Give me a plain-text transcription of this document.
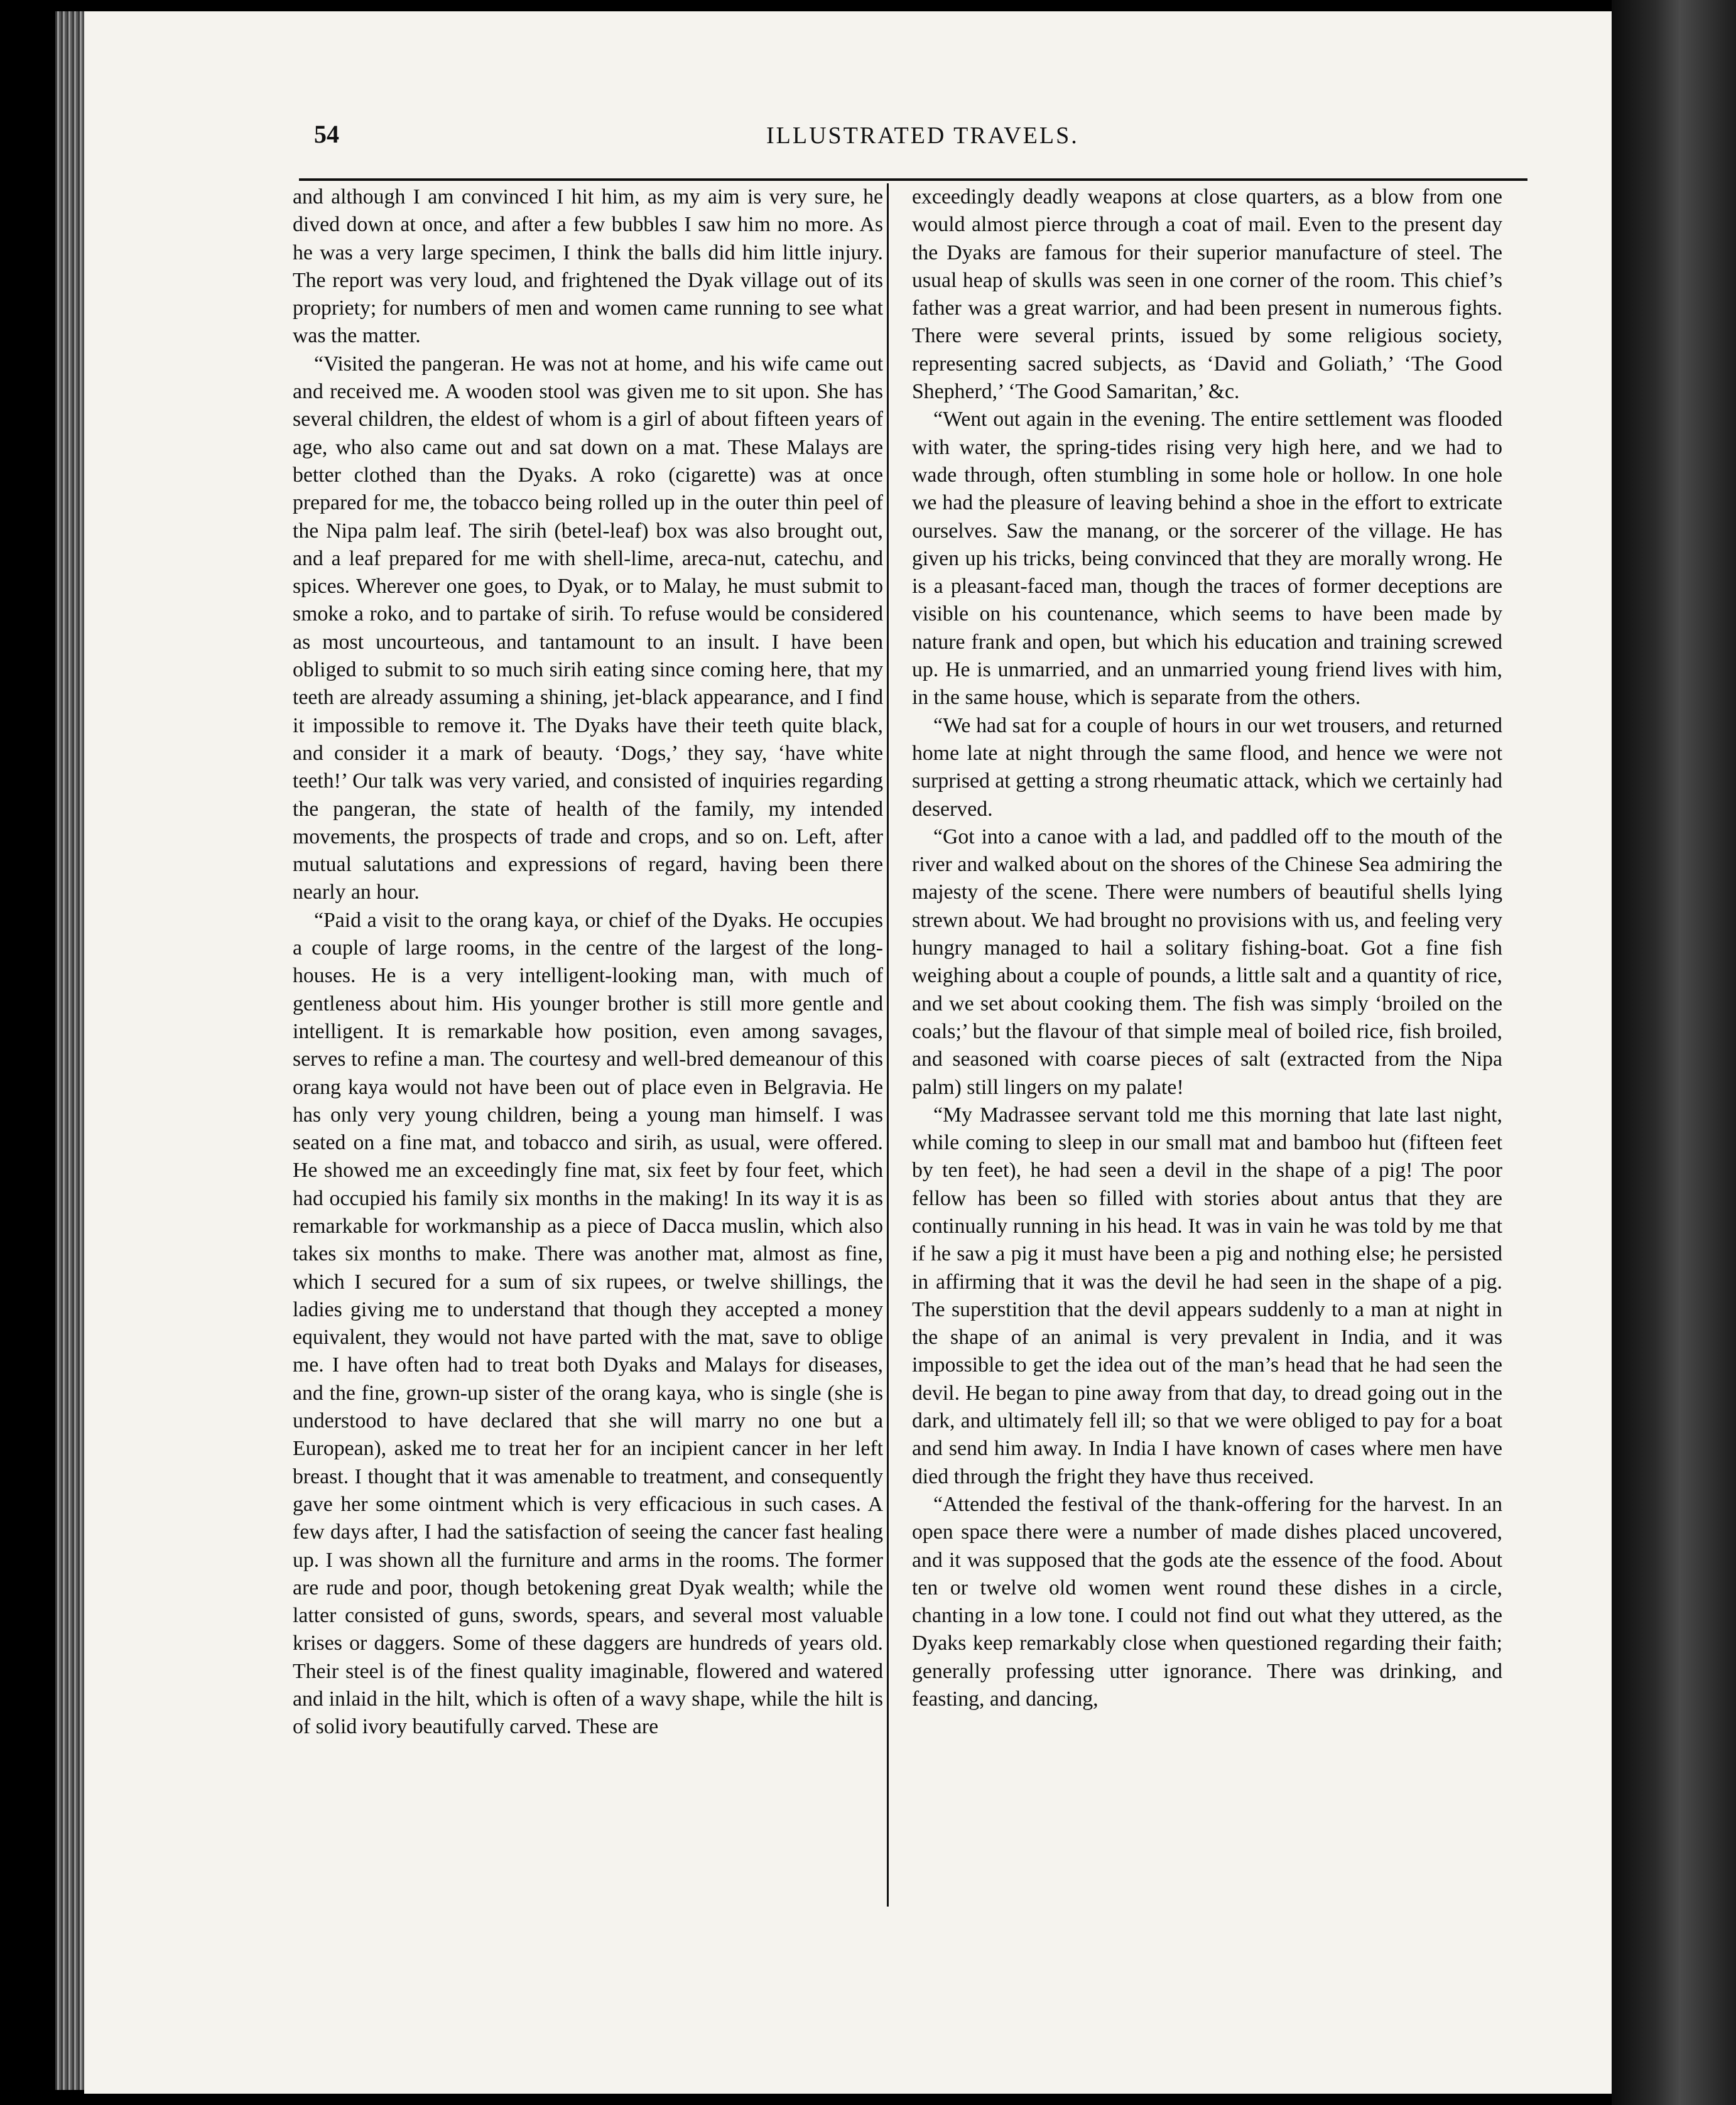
54	ILLUSTRATED TRAVELS.

and although I am convinced I hit him, as my aim is very sure, he dived down at once, and after a few bubbles I saw him no more. As he was a very large specimen, I think the balls did him little injury. The report was very loud, and frightened the Dyak village out of its propriety; for numbers of men and women came running to see what was the matter.

“Visited the pangeran. He was not at home, and his wife came out and received me. A wooden stool was given me to sit upon. She has several children, the eldest of whom is a girl of about fifteen years of age, who also came out and sat down on a mat. These Malays are better clothed than the Dyaks. A roko (cigarette) was at once prepared for me, the tobacco being rolled up in the outer thin peel of the Nipa palm leaf. The sirih (betel-leaf) box was also brought out, and a leaf prepared for me with shell-lime, areca-nut, catechu, and spices. Wherever one goes, to Dyak, or to Malay, he must submit to smoke a roko, and to partake of sirih. To refuse would be considered as most uncourteous, and tantamount to an insult. I have been obliged to submit to so much sirih eating since coming here, that my teeth are already assuming a shining, jet-black appearance, and I find it impossible to remove it. The Dyaks have their teeth quite black, and consider it a mark of beauty. ‘Dogs,’ they say, ‘have white teeth!’ Our talk was very varied, and consisted of inquiries regarding the pangeran, the state of health of the family, my intended movements, the prospects of trade and crops, and so on. Left, after mutual salutations and expressions of regard, having been there nearly an hour.

“Paid a visit to the orang kaya, or chief of the Dyaks. He occupies a couple of large rooms, in the centre of the largest of the long-houses. He is a very intelligent-looking man, with much of gentleness about him. His younger brother is still more gentle and intelligent. It is remarkable how position, even among savages, serves to refine a man. The courtesy and well-bred demeanour of this orang kaya would not have been out of place even in Belgravia. He has only very young children, being a young man himself. I was seated on a fine mat, and tobacco and sirih, as usual, were offered. He showed me an exceedingly fine mat, six feet by four feet, which had occupied his family six months in the making! In its way it is as remarkable for workmanship as a piece of Dacca muslin, which also takes six months to make. There was another mat, almost as fine, which I secured for a sum of six rupees, or twelve shillings, the ladies giving me to understand that though they accepted a money equivalent, they would not have parted with the mat, save to oblige me. I have often had to treat both Dyaks and Malays for diseases, and the fine, grown-up sister of the orang kaya, who is single (she is understood to have declared that she will marry no one but a European), asked me to treat her for an incipient cancer in her left breast. I thought that it was amenable to treatment, and consequently gave her some ointment which is very efficacious in such cases. A few days after, I had the satisfaction of seeing the cancer fast healing up. I was shown all the furniture and arms in the rooms. The former are rude and poor, though betokening great Dyak wealth; while the latter consisted of guns, swords, spears, and several most valuable krises or daggers. Some of these daggers are hundreds of years old. Their steel is of the finest quality imaginable, flowered and watered and inlaid in the hilt, which is often of a wavy shape, while the hilt is of solid ivory beautifully carved. These are

exceedingly deadly weapons at close quarters, as a blow from one would almost pierce through a coat of mail. Even to the present day the Dyaks are famous for their superior manufacture of steel. The usual heap of skulls was seen in one corner of the room. This chief’s father was a great warrior, and had been present in numerous fights. There were several prints, issued by some religious society, representing sacred subjects, as ‘David and Goliath,’ ‘The Good Shepherd,’ ‘The Good Samaritan,’ &c.

“Went out again in the evening. The entire settlement was flooded with water, the spring-tides rising very high here, and we had to wade through, often stumbling in some hole or hollow. In one hole we had the pleasure of leaving behind a shoe in the effort to extricate ourselves. Saw the manang, or the sorcerer of the village. He has given up his tricks, being convinced that they are morally wrong. He is a pleasant-faced man, though the traces of former deceptions are visible on his countenance, which seems to have been made by nature frank and open, but which his education and training screwed up. He is unmarried, and an unmarried young friend lives with him, in the same house, which is separate from the others.

“We had sat for a couple of hours in our wet trousers, and returned home late at night through the same flood, and hence we were not surprised at getting a strong rheumatic attack, which we certainly had deserved.

“Got into a canoe with a lad, and paddled off to the mouth of the river and walked about on the shores of the Chinese Sea admiring the majesty of the scene. There were numbers of beautiful shells lying strewn about. We had brought no provisions with us, and feeling very hungry managed to hail a solitary fishing-boat. Got a fine fish weighing about a couple of pounds, a little salt and a quantity of rice, and we set about cooking them. The fish was simply ‘broiled on the coals;’ but the flavour of that simple meal of boiled rice, fish broiled, and seasoned with coarse pieces of salt (extracted from the Nipa palm) still lingers on my palate!

“My Madrassee servant told me this morning that late last night, while coming to sleep in our small mat and bamboo hut (fifteen feet by ten feet), he had seen a devil in the shape of a pig! The poor fellow has been so filled with stories about antus that they are continually running in his head. It was in vain he was told by me that if he saw a pig it must have been a pig and nothing else; he persisted in affirming that it was the devil he had seen in the shape of a pig. The superstition that the devil appears suddenly to a man at night in the shape of an animal is very prevalent in India, and it was impossible to get the idea out of the man’s head that he had seen the devil. He began to pine away from that day, to dread going out in the dark, and ultimately fell ill; so that we were obliged to pay for a boat and send him away. In India I have known of cases where men have died through the fright they have thus received.

“Attended the festival of the thank-offering for the harvest. In an open space there were a number of made dishes placed uncovered, and it was supposed that the gods ate the essence of the food. About ten or twelve old women went round these dishes in a circle, chanting in a low tone. I could not find out what they uttered, as the Dyaks keep remarkably close when questioned regarding their faith; generally professing utter ignorance. There was drinking, and feasting, and dancing,
